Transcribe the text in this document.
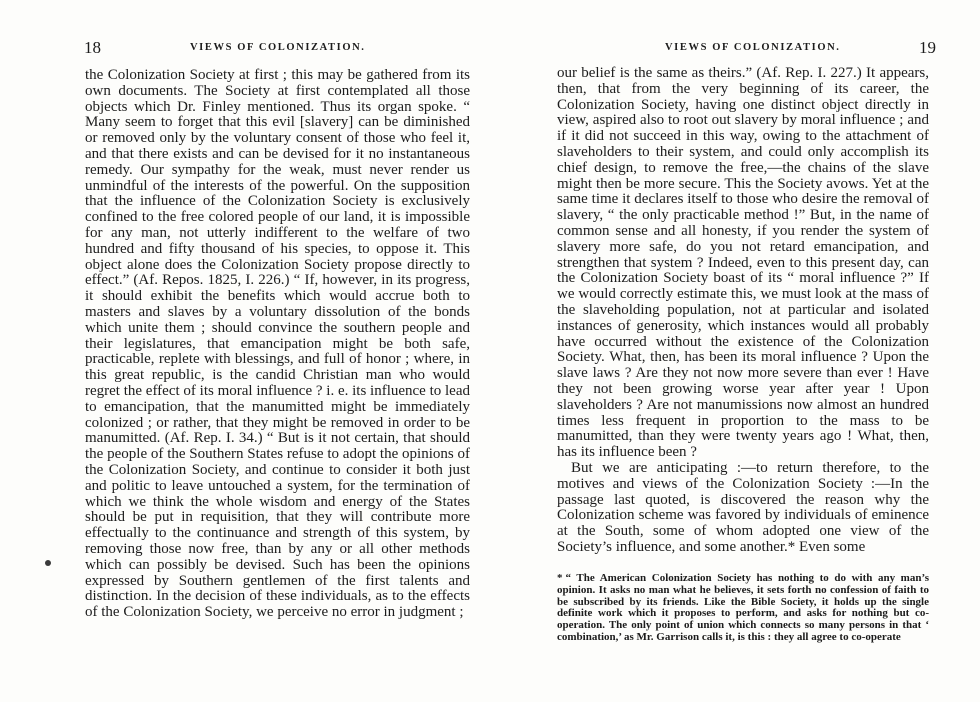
18	VIEWS OF COLONIZATION.

the Colonization Society at first ; this may be gathered from its own documents. The Society at first contemplated all those objects which Dr. Finley mentioned. Thus its organ spoke. “ Many seem to forget that this evil [slavery] can be diminished or removed only by the voluntary consent of those who feel it, and that there exists and can be devised for it no instantaneous remedy. Our sympathy for the weak, must never render us unmindful of the interests of the powerful. On the supposition that the influence of the Colonization Society is exclusively confined to the free colored people of our land, it is impossible for any man, not utterly indifferent to the welfare of two hundred and fifty thousand of his species, to oppose it. This object alone does the Colonization Society propose directly to effect.” (Af. Repos. 1825, I. 226.) “ If, however, in its progress, it should exhibit the benefits which would accrue both to masters and slaves by a voluntary dissolution of the bonds which unite them ; should convince the southern people and their legislatures, that emancipation might be both safe, practicable, replete with blessings, and full of honor ; where, in this great republic, is the candid Christian man who would regret the effect of its moral influence ? i. e. its influence to lead to emancipation, that the manumitted might be immediately colonized ; or rather, that they might be removed in order to be manumitted. (Af. Rep. I. 34.) “ But is it not certain, that should the people of the Southern States refuse to adopt the opinions of the Colonization Society, and continue to consider it both just and politic to leave untouched a system, for the termination of which we think the whole wisdom and energy of the States should be put in requisition, that they will contribute more effectually to the continuance and strength of this system, by removing those now free, than by any or all other methods which can possibly be devised. Such has been the opinions expressed by Southern gentlemen of the first talents and distinction. In the decision of these individuals, as to the effects of the Colonization Society, we perceive no error in judgment ;

VIEWS OF COLONIZATION.	19

our belief is the same as theirs.” (Af. Rep. I. 227.) It appears, then, that from the very beginning of its career, the Colonization Society, having one distinct object directly in view, aspired also to root out slavery by moral influence ; and if it did not succeed in this way, owing to the attachment of slaveholders to their system, and could only accomplish its chief design, to remove the free,—the chains of the slave might then be more secure. This the Society avows. Yet at the same time it declares itself to those who desire the removal of slavery, “ the only practicable method !” But, in the name of common sense and all honesty, if you render the system of slavery more safe, do you not retard emancipation, and strengthen that system ? Indeed, even to this present day, can the Colonization Society boast of its “ moral influence ?” If we would correctly estimate this, we must look at the mass of the slaveholding population, not at particular and isolated instances of generosity, which instances would all probably have occurred without the existence of the Colonization Society. What, then, has been its moral influence ? Upon the slave laws ? Are they not now more severe than ever ! Have they not been growing worse year after year ! Upon slaveholders ? Are not manumissions now almost an hundred times less frequent in proportion to the mass to be manumitted, than they were twenty years ago ! What, then, has its influence been ?

But we are anticipating :—to return therefore, to the motives and views of the Colonization Society :—In the passage last quoted, is discovered the reason why the Colonization scheme was favored by individuals of eminence at the South, some of whom adopted one view of the Society’s influence, and some another.* Even some

* “ The American Colonization Society has nothing to do with any man’s opinion. It asks no man what he believes, it sets forth no confession of faith to be subscribed by its friends. Like the Bible Society, it holds up the single definite work which it proposes to perform, and asks for nothing but co-operation. The only point of union which connects so many persons in that ‘ combination,’ as Mr. Garrison calls it, is this : they all agree to co-operate
